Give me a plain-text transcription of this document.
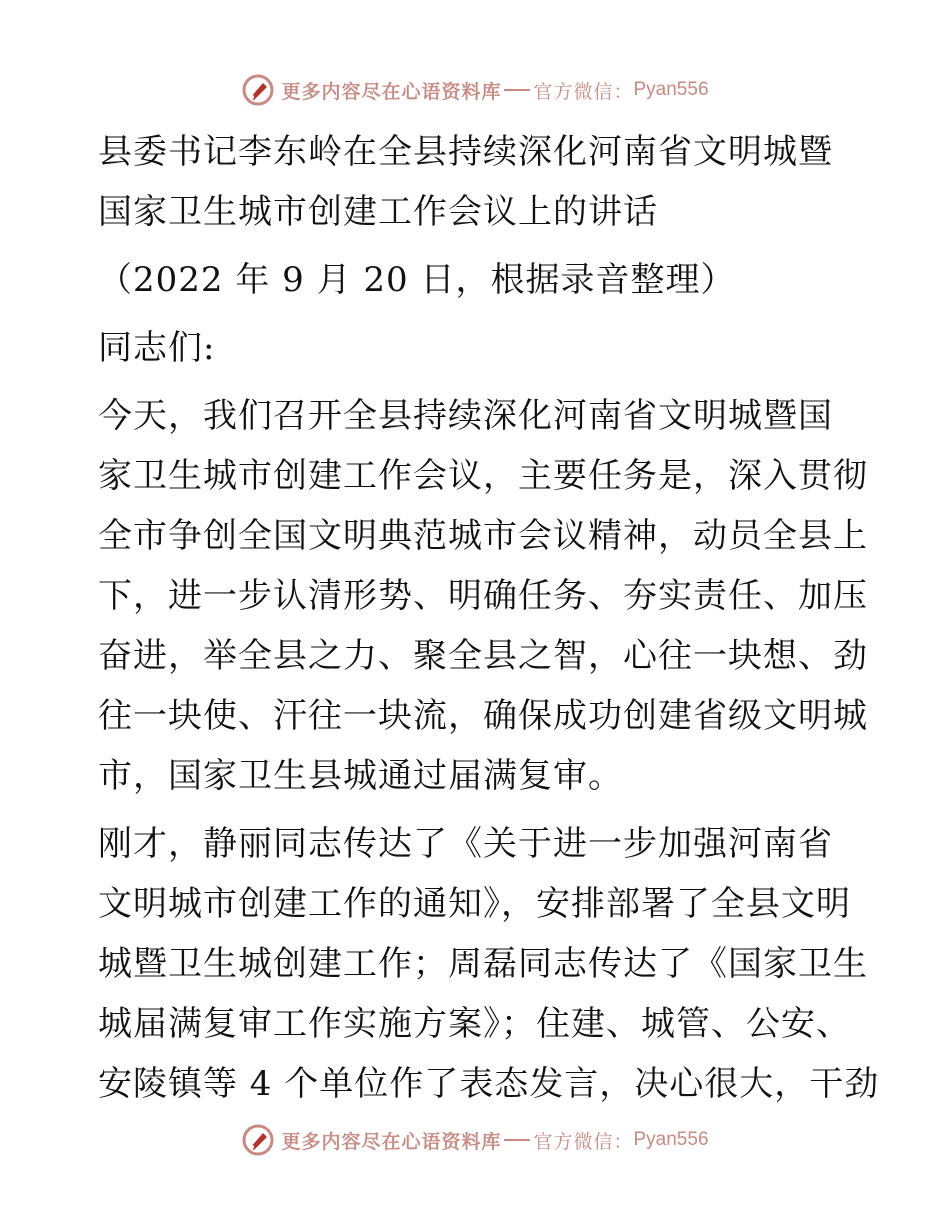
更多内容尽在心语资料库 官方微信： Pyan556
县委书记李东岭在全县持续深化河南省文明城暨
国家卫生城市创建工作会议上的讲话
（2022 年 9 月 20 日，根据录音整理）
同志们:
今天，我们召开全县持续深化河南省文明城暨国
家卫生城市创建工作会议，主要任务是，深入贯彻
全市争创全国文明典范城市会议精神，动员全县上
下，进一步认清形势、明确任务、夯实责任、加压
奋进，举全县之力、聚全县之智，心往一块想、劲
往一块使、汗往一块流，确保成功创建省级文明城
市，国家卫生县城通过届满复审。
刚才，静丽同志传达了《关于进一步加强河南省
文明城市创建工作的通知》，安排部署了全县文明
城暨卫生城创建工作；周磊同志传达了《国家卫生
城届满复审工作实施方案》；住建、城管、公安、
安陵镇等 4 个单位作了表态发言，决心很大，干劲
更多内容尽在心语资料库 官方微信： Pyan556
